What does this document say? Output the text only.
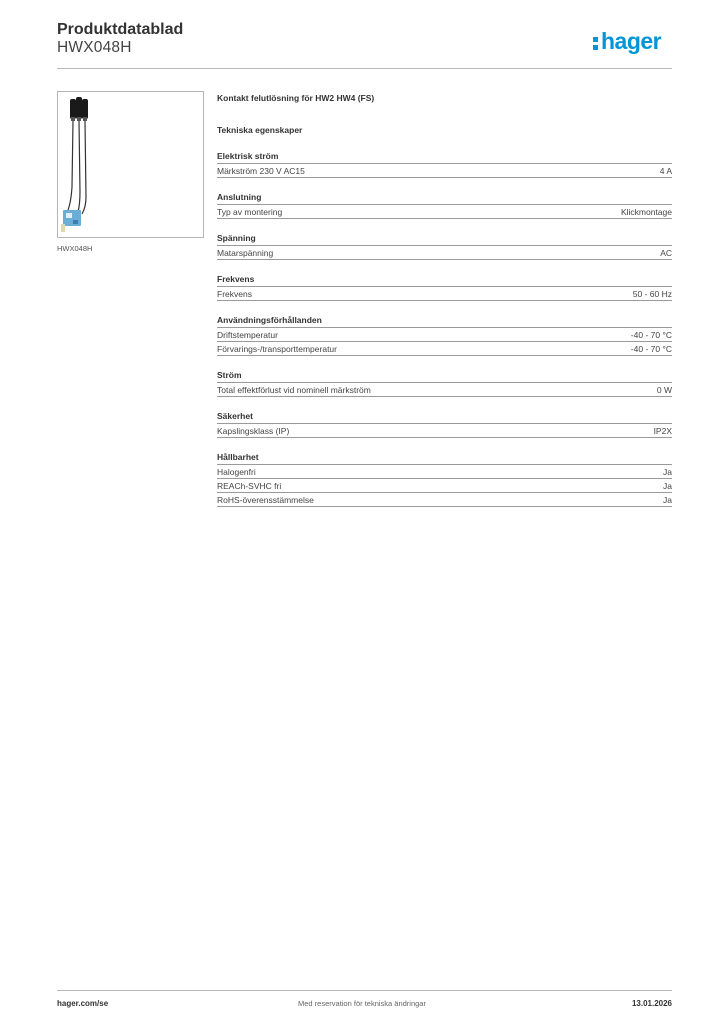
Produktdatablad
HWX048H	hager
HWX048H
Kontakt felutlösning för HW2 HW4 (FS)
Tekniska egenskaper
Elektrisk ström
Märkström 230 V AC15	4 A
Anslutning
Typ av montering	Klickmontage
Spänning
Matarspänning	AC
Frekvens
Frekvens	50 - 60 Hz
Användningsförhållanden
Driftstemperatur	-40 - 70 °C
Förvarings-/transporttemperatur	-40 - 70 °C
Ström
Total effektförlust vid nominell märkström	0 W
Säkerhet
Kapslingsklass (IP)	IP2X
Hållbarhet
Halogenfri	Ja
REACh-SVHC fri	Ja
RoHS-överensstämmelse	Ja
hager.com/se	Med reservation för tekniska ändringar	13.01.2026
